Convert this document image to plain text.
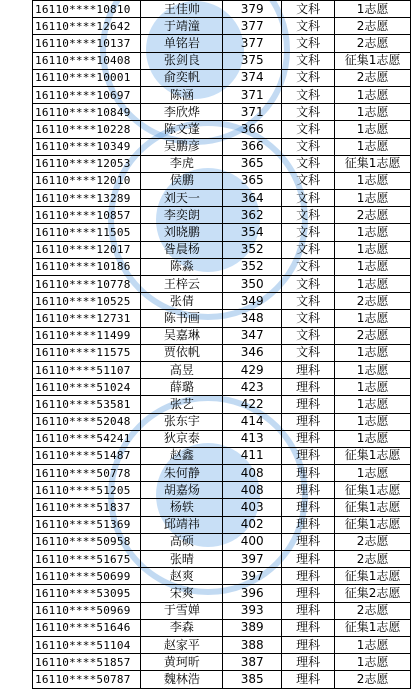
16110****10810	王佳帅	379	文科	1志愿
16110****12642	于靖潼	377	文科	2志愿
16110****10137	单铭岩	377	文科	2志愿
16110****10408	张剑良	375	文科	征集1志愿
16110****10001	俞奕帆	374	文科	2志愿
16110****10697	陈涵	371	文科	1志愿
16110****10849	李欣烨	371	文科	1志愿
16110****10228	陈文蓬	366	文科	1志愿
16110****10349	吴鹏彦	366	文科	1志愿
16110****12053	李虎	365	文科	征集1志愿
16110****12010	侯鹏	365	文科	1志愿
16110****13289	刘天一	364	文科	1志愿
16110****10857	李奕朗	362	文科	2志愿
16110****11505	刘晓鹏	354	文科	1志愿
16110****12017	昝晨杨	352	文科	1志愿
16110****10186	陈淼	352	文科	1志愿
16110****10778	王梓云	350	文科	1志愿
16110****10525	张倩	349	文科	2志愿
16110****12731	陈书画	348	文科	1志愿
16110****11499	吴嘉琳	347	文科	2志愿
16110****11575	贾依帆	346	文科	1志愿
16110****51107	高昱	429	理科	1志愿
16110****51024	薛璐	423	理科	1志愿
16110****53581	张艺	422	理科	1志愿
16110****52048	张东宇	414	理科	1志愿
16110****54241	狄京泰	413	理科	1志愿
16110****51487	赵鑫	411	理科	征集1志愿
16110****50778	朱何静	408	理科	1志愿
16110****51205	胡嘉炀	408	理科	征集1志愿
16110****51837	杨轶	403	理科	征集1志愿
16110****51369	邱靖祎	402	理科	征集1志愿
16110****50958	高硕	400	理科	2志愿
16110****51675	张晴	397	理科	2志愿
16110****50699	赵爽	397	理科	征集1志愿
16110****53095	宋爽	396	理科	征集2志愿
16110****50969	于雪婵	393	理科	2志愿
16110****51646	李森	389	理科	征集1志愿
16110****51104	赵家平	388	理科	1志愿
16110****51857	黄珂昕	387	理科	1志愿
16110****50787	魏林浩	385	理科	2志愿
